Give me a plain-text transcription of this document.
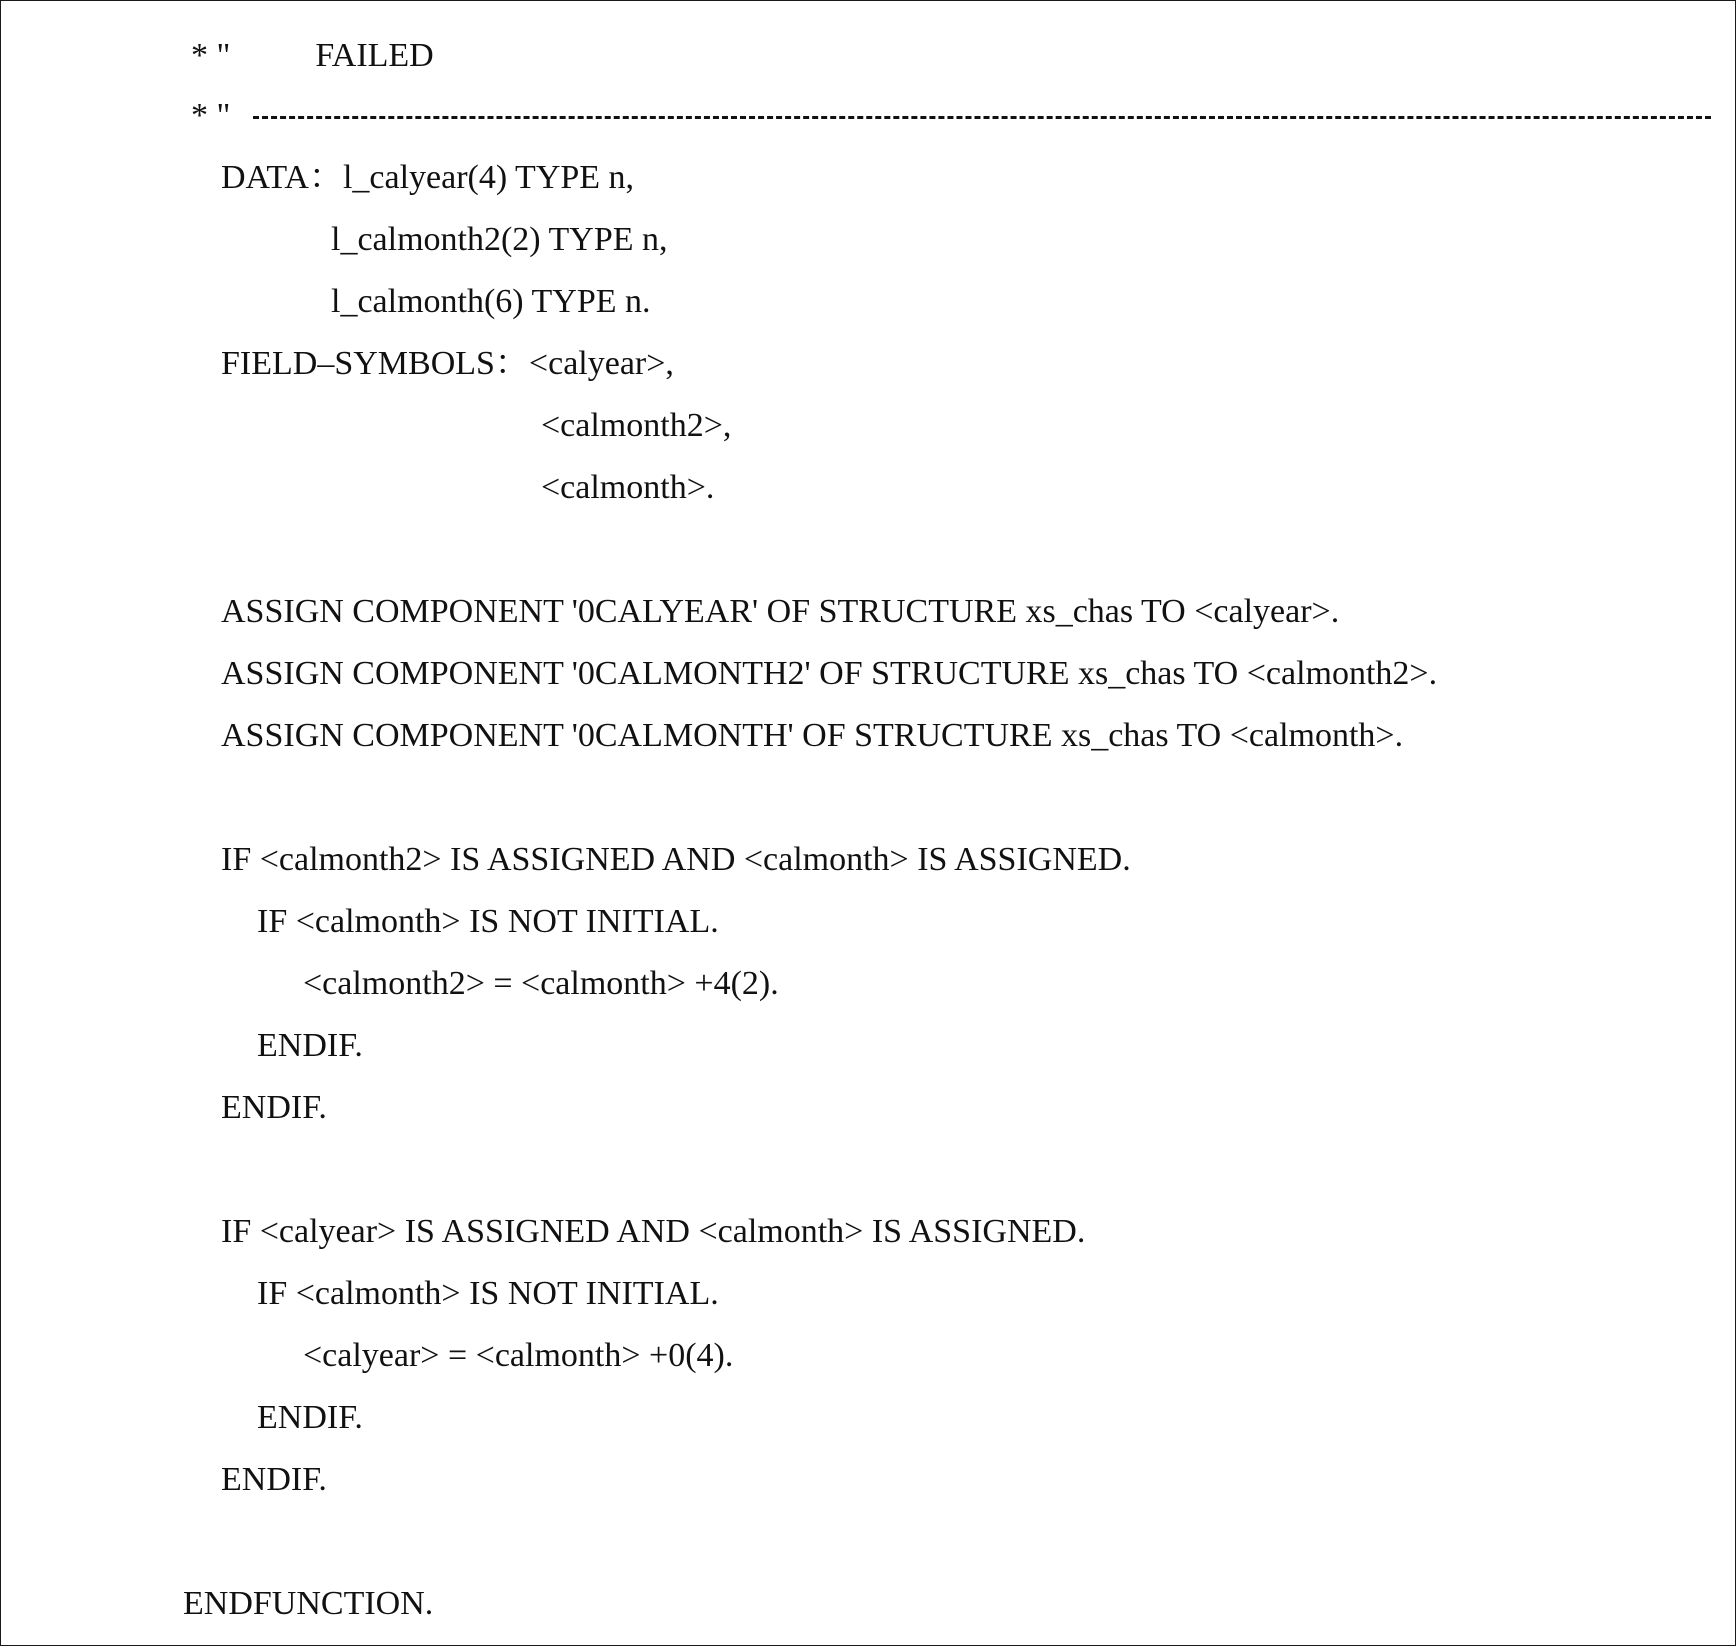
* "          FAILED
* "
DATA：l_calyear(4) TYPE n,
l_calmonth2(2) TYPE n,
l_calmonth(6) TYPE n.
FIELD–SYMBOLS：<calyear>,
<calmonth2>,
<calmonth>.
ASSIGN COMPONENT '0CALYEAR' OF STRUCTURE xs_chas TO <calyear>.
ASSIGN COMPONENT '0CALMONTH2' OF STRUCTURE xs_chas TO <calmonth2>.
ASSIGN COMPONENT '0CALMONTH' OF STRUCTURE xs_chas TO <calmonth>.
IF <calmonth2> IS ASSIGNED AND <calmonth> IS ASSIGNED.
IF <calmonth> IS NOT INITIAL.
<calmonth2> = <calmonth> +4(2).
ENDIF.
ENDIF.
IF <calyear> IS ASSIGNED AND <calmonth> IS ASSIGNED.
IF <calmonth> IS NOT INITIAL.
<calyear> = <calmonth> +0(4).
ENDIF.
ENDIF.
ENDFUNCTION.
